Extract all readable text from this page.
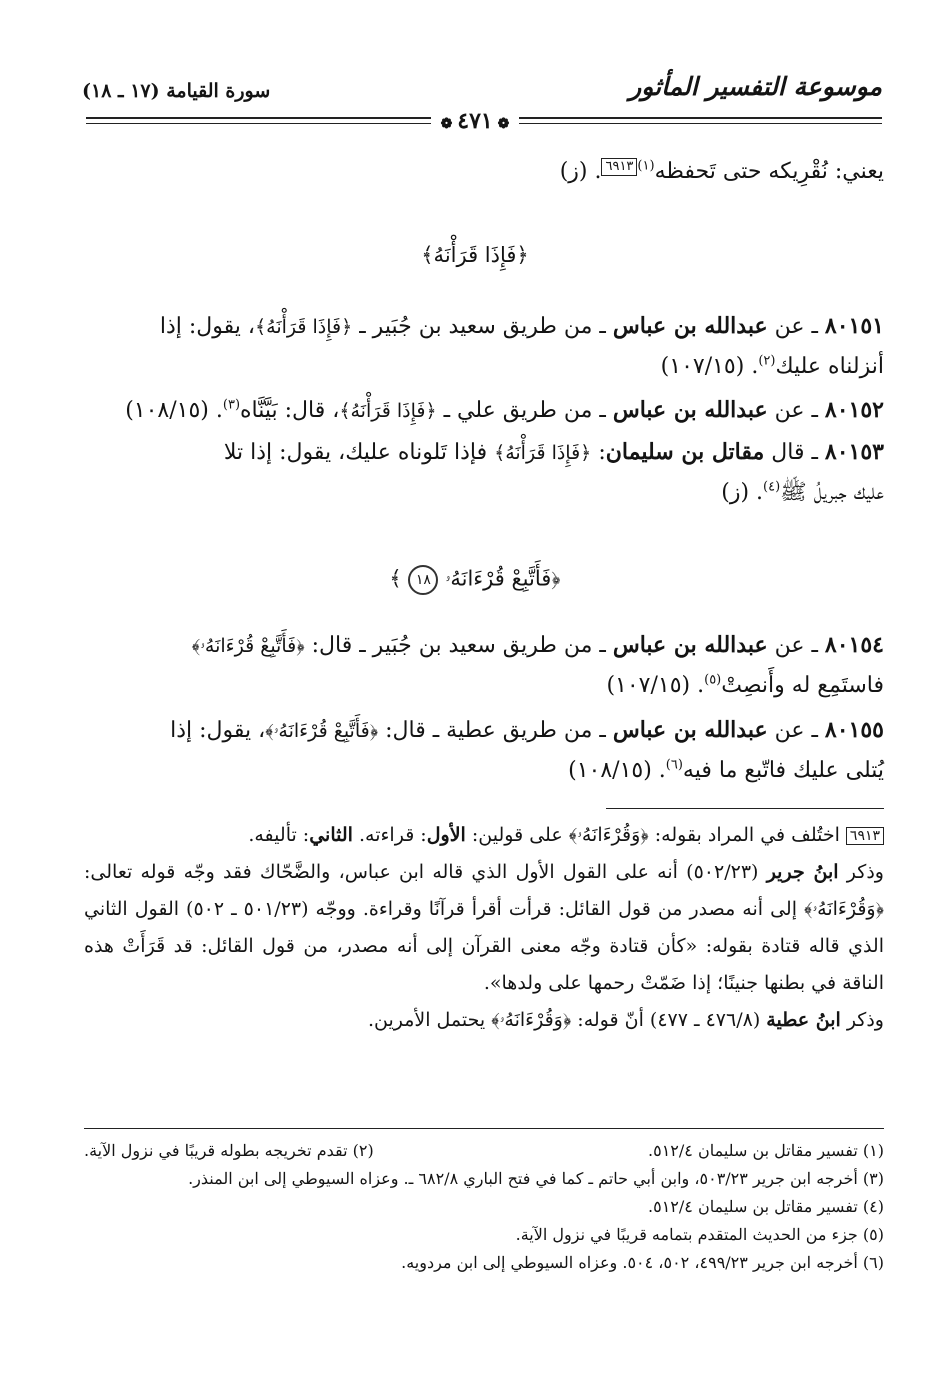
موسوعة التفسير المأثور
سورة القيامة (١٧ ـ ١٨)
❁ ٤٧١ ❁
يعني: نُقْرِيكه حتى تَحفظه$^{(١)}$٦٩١٣. (ز)
﴿فَإِذَا قَرَأْنَهُ﴾
٨٠١٥١ ـ عن عبدالله بن عباس ـ من طريق سعيد بن جُبَير ـ ﴿فَإِذَا قَرَأْنَهُ﴾، يقول: إذا
أنزلناه عليك$^{(٢)}$. (١٠٧/١٥)
٨٠١٥٢ ـ عن عبدالله بن عباس ـ من طريق علي ـ ﴿فَإِذَا قَرَأْنَهُ﴾، قال: بَيَّنَّاه$^{(٣)}$. (١٠٨/١٥)
٨٠١٥٣ ـ قال مقاتل بن سليمان: ﴿فَإِذَا قَرَأْنَهُ﴾ فإذا تَلوناه عليك، يقول: إذا تلا
عليك جبريلُ ﷺ$^{(٤)}$. (ز)
﴿فَأَتَّبِعْ قُرْءَانَهُۥ ١٨ ﴾
٨٠١٥٤ ـ عن عبدالله بن عباس ـ من طريق سعيد بن جُبَير ـ قال: ﴿فَأَتَّبِعْ قُرْءَانَهُۥ﴾
فاستَمِع له وأَنصِتْ$^{(٥)}$. (١٠٧/١٥)
٨٠١٥٥ ـ عن عبدالله بن عباس ـ من طريق عطية ـ قال: ﴿فَأَتَّبِعْ قُرْءَانَهُۥ﴾، يقول: إذا
يُتلى عليك فاتّبع ما فيه$^{(٦)}$. (١٠٨/١٥)
٦٩١٣ اختُلف في المراد بقوله: ﴿وَقُرْءَانَهُۥ﴾ على قولين: الأول: قراءته. الثاني: تأليفه.
وذكر ابنُ جرير (٥٠٢/٢٣) أنه على القول الأول الذي قاله ابن عباس، والضَّحّاك فقد وجّه قوله تعالى: ﴿وَقُرْءَانَهُۥ﴾ إلى أنه مصدر من قول القائل: قرأت أقرأ قرآنًا وقراءة. ووجّه (٥٠١/٢٣ ـ ٥٠٢) القول الثاني الذي قاله قتادة بقوله: «كأن قتادة وجّه معنى القرآن إلى أنه مصدر، من قول القائل: قد قَرَأَتْ هذه الناقة في بطنها جنينًا؛ إذا ضَمّتْ رحمها على ولدها».
وذكر ابنُ عطية (٤٧٦/٨ ـ ٤٧٧) أنّ قوله: ﴿وَقُرْءَانَهُۥ﴾ يحتمل الأمرين.
(١) تفسير مقاتل بن سليمان ٥١٢/٤.
(٢) تقدم تخريجه بطوله قريبًا في نزول الآية.
(٣) أخرجه ابن جرير ٥٠٣/٢٣، وابن أبي حاتم ـ كما في فتح الباري ٦٨٢/٨ ـ. وعزاه السيوطي إلى ابن المنذر.
(٤) تفسير مقاتل بن سليمان ٥١٢/٤.
(٥) جزء من الحديث المتقدم بتمامه قريبًا في نزول الآية.
(٦) أخرجه ابن جرير ٤٩٩/٢٣، ٥٠٢، ٥٠٤. وعزاه السيوطي إلى ابن مردويه.
